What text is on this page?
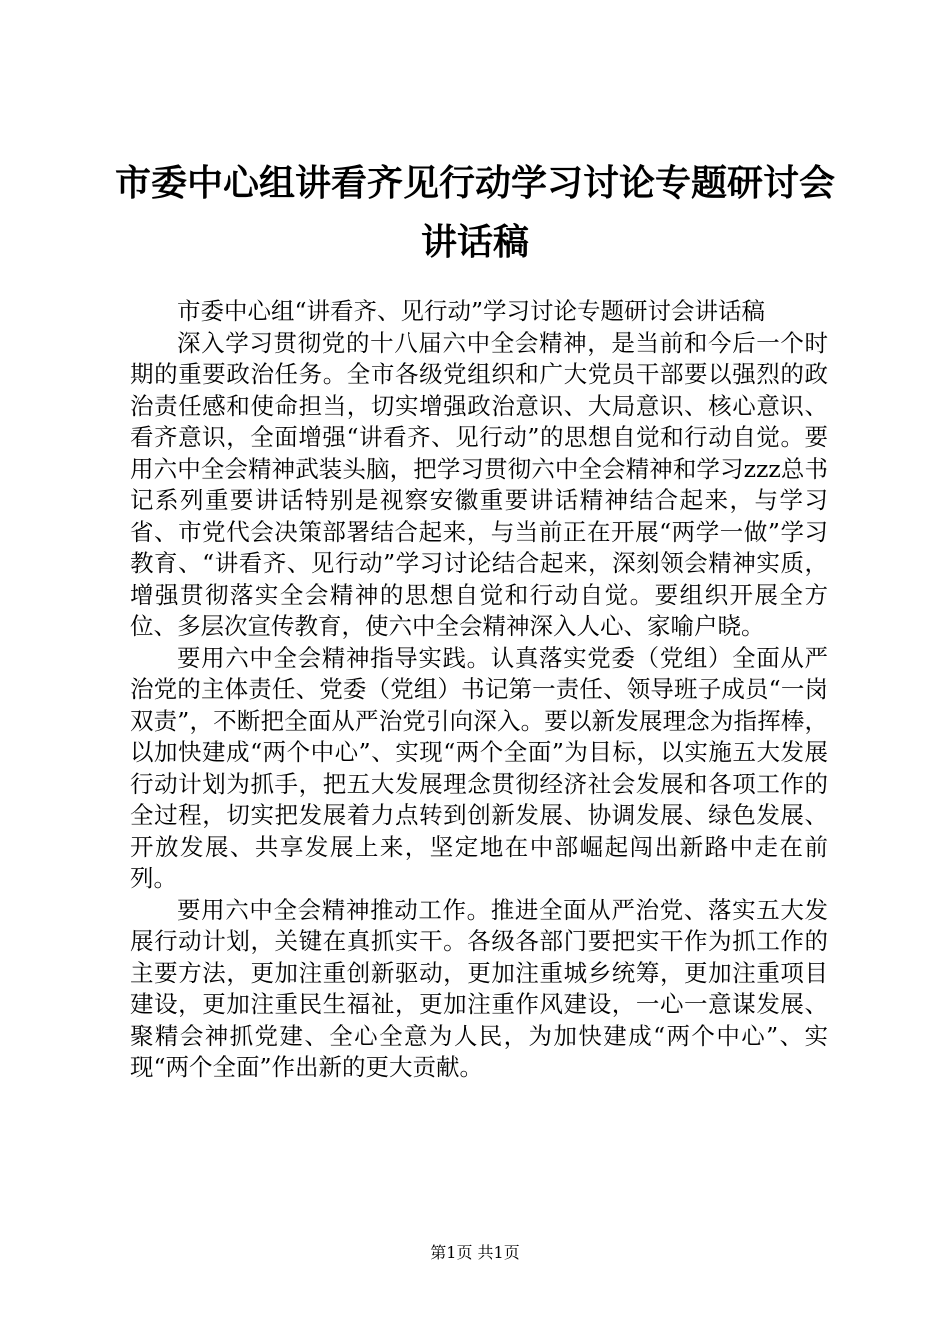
市委中心组讲看齐见行动学习讨论专题研讨会
讲话稿

市委中心组“讲看齐、见行动”学习讨论专题研讨会讲话稿

深入学习贯彻党的十八届六中全会精神，是当前和今后一个时期的重要政治任务。全市各级党组织和广大党员干部要以强烈的政治责任感和使命担当，切实增强政治意识、大局意识、核心意识、看齐意识，全面增强“讲看齐、见行动”的思想自觉和行动自觉。要用六中全会精神武装头脑，把学习贯彻六中全会精神和学习zzz总书记系列重要讲话特别是视察安徽重要讲话精神结合起来，与学习省、市党代会决策部署结合起来，与当前正在开展“两学一做”学习教育、“讲看齐、见行动”学习讨论结合起来，深刻领会精神实质，增强贯彻落实全会精神的思想自觉和行动自觉。要组织开展全方位、多层次宣传教育，使六中全会精神深入人心、家喻户晓。

要用六中全会精神指导实践。认真落实党委（党组）全面从严治党的主体责任、党委（党组）书记第一责任、领导班子成员“一岗双责”，不断把全面从严治党引向深入。要以新发展理念为指挥棒，以加快建成“两个中心”、实现“两个全面”为目标，以实施五大发展行动计划为抓手，把五大发展理念贯彻经济社会发展和各项工作的全过程，切实把发展着力点转到创新发展、协调发展、绿色发展、开放发展、共享发展上来，坚定地在中部崛起闯出新路中走在前列。

要用六中全会精神推动工作。推进全面从严治党、落实五大发展行动计划，关键在真抓实干。各级各部门要把实干作为抓工作的主要方法，更加注重创新驱动，更加注重城乡统筹，更加注重项目建设，更加注重民生福祉，更加注重作风建设，一心一意谋发展、聚精会神抓党建、全心全意为人民，为加快建成“两个中心”、实现“两个全面”作出新的更大贡献。

第1页 共1页
